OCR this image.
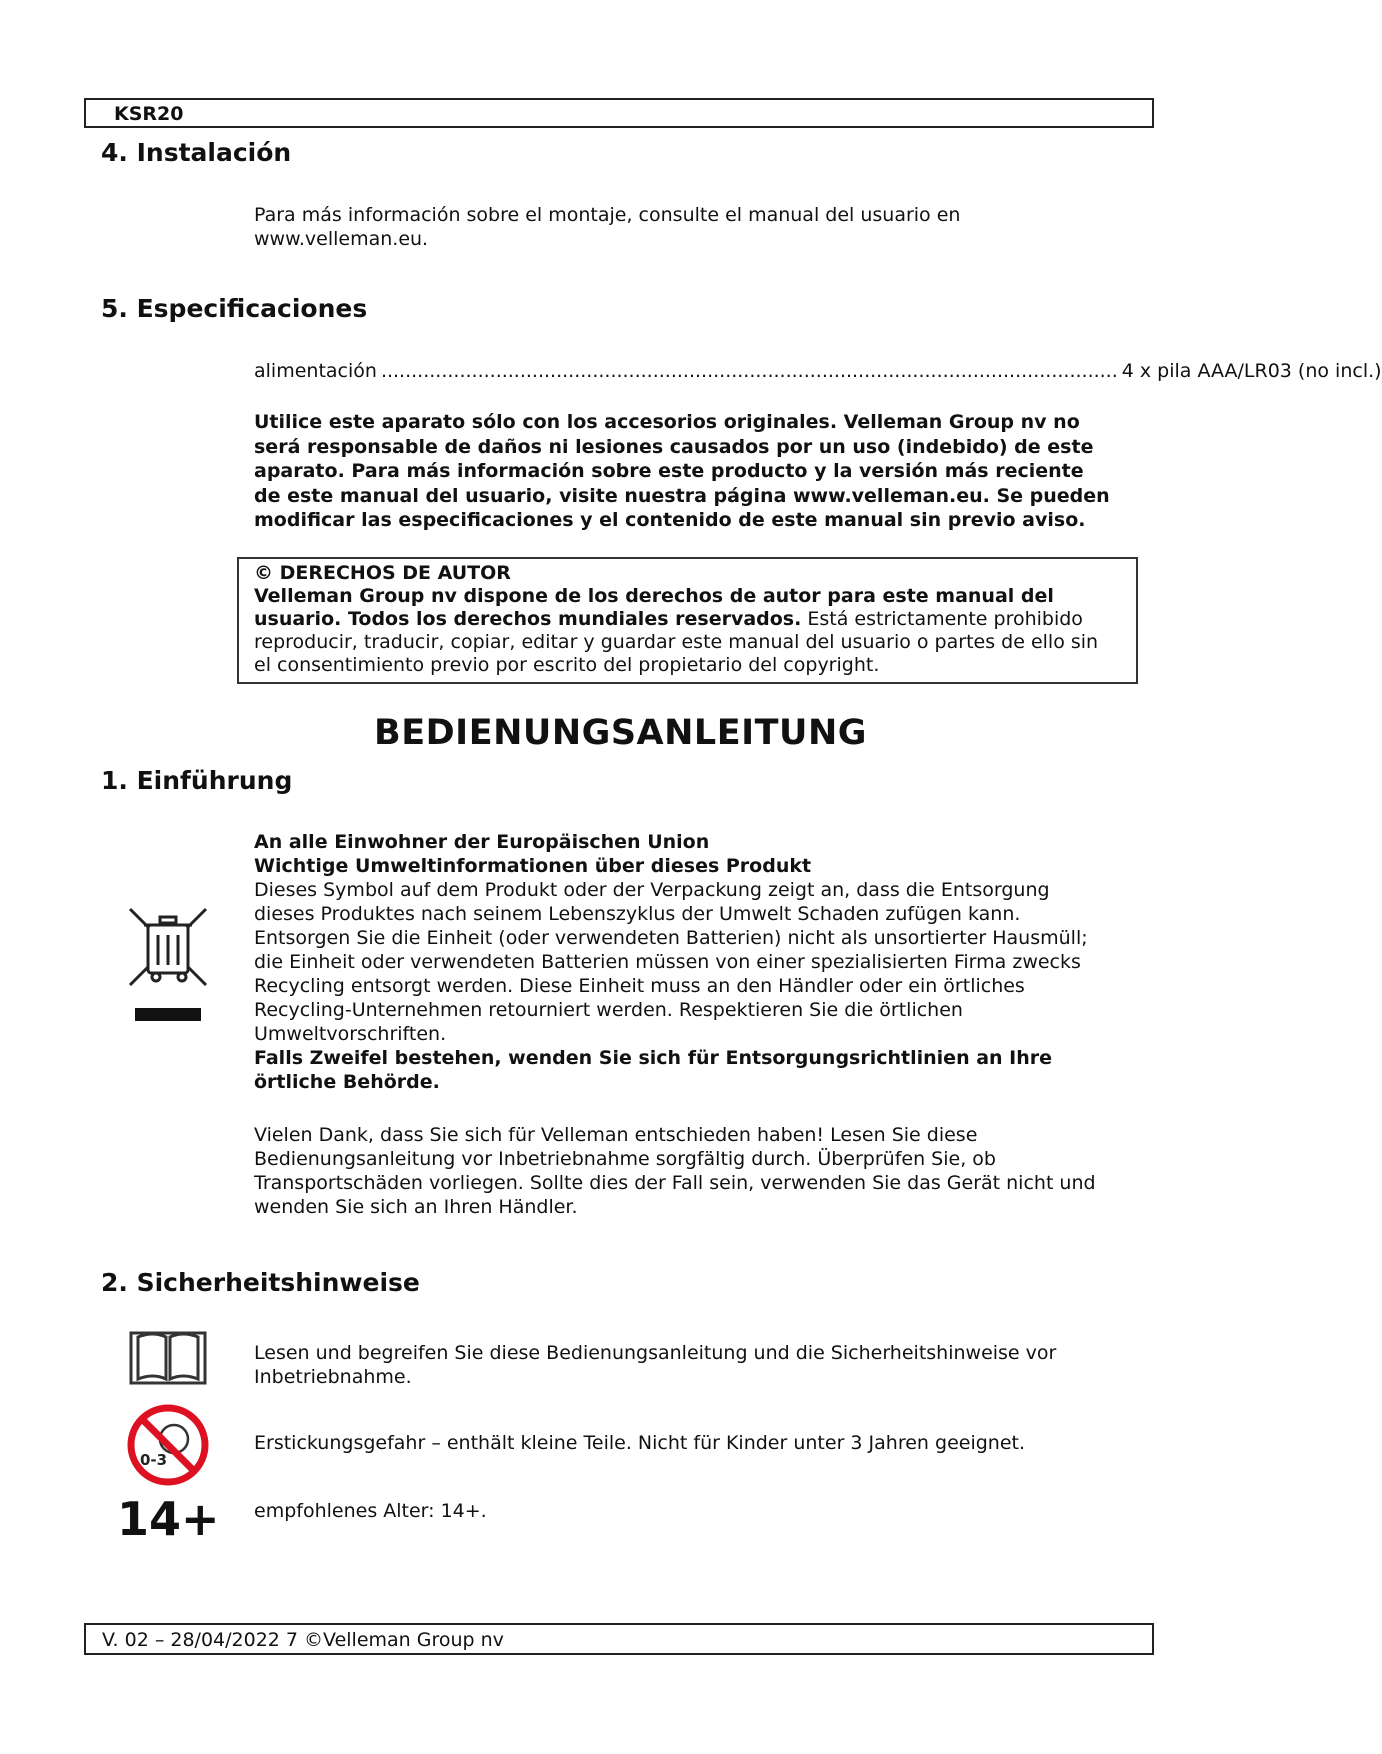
KSR20
4. Instalación
Para más información sobre el montaje, consulte el manual del usuario en
www.velleman.eu.
5. Especificaciones
alimentación .......................................................................................................................... 4 x pila AAA/LR03 (no incl.)
Utilice este aparato sólo con los accesorios originales. Velleman Group nv no
será responsable de daños ni lesiones causados por un uso (indebido) de este
aparato. Para más información sobre este producto y la versión más reciente
de este manual del usuario, visite nuestra página www.velleman.eu. Se pueden
modificar las especificaciones y el contenido de este manual sin previo aviso.
© DERECHOS DE AUTOR
Velleman Group nv dispone de los derechos de autor para este manual del
usuario. Todos los derechos mundiales reservados. Está estrictamente prohibido
reproducir, traducir, copiar, editar y guardar este manual del usuario o partes de ello sin
el consentimiento previo por escrito del propietario del copyright.
BEDIENUNGSANLEITUNG
1. Einführung
An alle Einwohner der Europäischen Union
Wichtige Umweltinformationen über dieses Produkt
Dieses Symbol auf dem Produkt oder der Verpackung zeigt an, dass die Entsorgung
dieses Produktes nach seinem Lebenszyklus der Umwelt Schaden zufügen kann.
Entsorgen Sie die Einheit (oder verwendeten Batterien) nicht als unsortierter Hausmüll;
die Einheit oder verwendeten Batterien müssen von einer spezialisierten Firma zwecks
Recycling entsorgt werden. Diese Einheit muss an den Händler oder ein örtliches
Recycling-Unternehmen retourniert werden. Respektieren Sie die örtlichen
Umweltvorschriften.
Falls Zweifel bestehen, wenden Sie sich für Entsorgungsrichtlinien an Ihre
örtliche Behörde.
Vielen Dank, dass Sie sich für Velleman entschieden haben! Lesen Sie diese
Bedienungsanleitung vor Inbetriebnahme sorgfältig durch. Überprüfen Sie, ob
Transportschäden vorliegen. Sollte dies der Fall sein, verwenden Sie das Gerät nicht und
wenden Sie sich an Ihren Händler.
2. Sicherheitshinweise
Lesen und begreifen Sie diese Bedienungsanleitung und die Sicherheitshinweise vor
Inbetriebnahme.
0-3
Erstickungsgefahr – enthält kleine Teile. Nicht für Kinder unter 3 Jahren geeignet.
14+ empfohlenes Alter: 14+.
V. 02 – 28/04/2022 7 ©Velleman Group nv
